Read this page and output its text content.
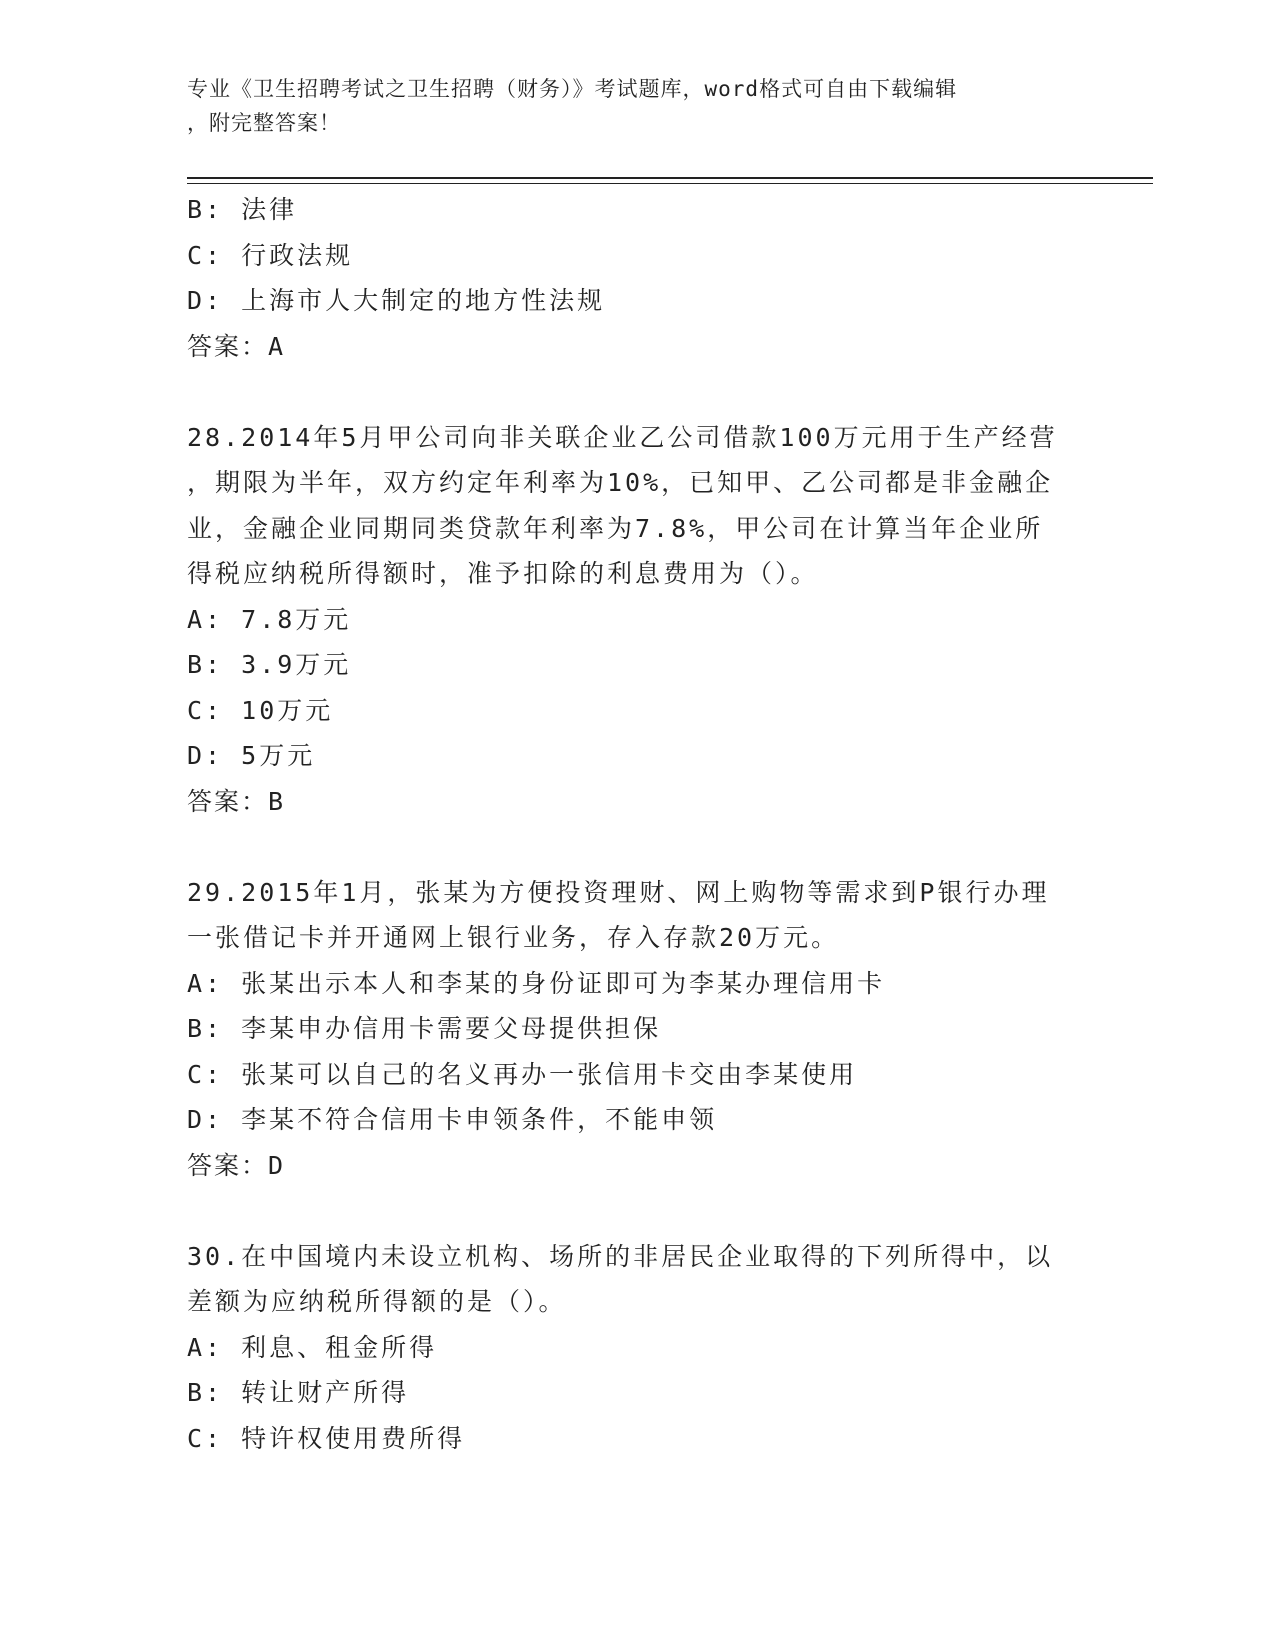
专业《卫生招聘考试之卫生招聘（财务）》考试题库，word格式可自由下载编辑
，附完整答案！
B: 法律
C: 行政法规
D: 上海市人大制定的地方性法规
答案：A
28.2014年5月甲公司向非关联企业乙公司借款100万元用于生产经营
，期限为半年，双方约定年利率为10%，已知甲、乙公司都是非金融企
业，金融企业同期同类贷款年利率为7.8%，甲公司在计算当年企业所
得税应纳税所得额时，准予扣除的利息费用为（）。
A: 7.8万元
B: 3.9万元
C: 10万元
D: 5万元
答案：B
29.2015年1月，张某为方便投资理财、网上购物等需求到P银行办理
一张借记卡并开通网上银行业务，存入存款20万元。
A: 张某出示本人和李某的身份证即可为李某办理信用卡
B: 李某申办信用卡需要父母提供担保
C: 张某可以自己的名义再办一张信用卡交由李某使用
D: 李某不符合信用卡申领条件，不能申领
答案：D
30.在中国境内未设立机构、场所的非居民企业取得的下列所得中，以
差额为应纳税所得额的是（）。
A: 利息、租金所得
B: 转让财产所得
C: 特许权使用费所得
